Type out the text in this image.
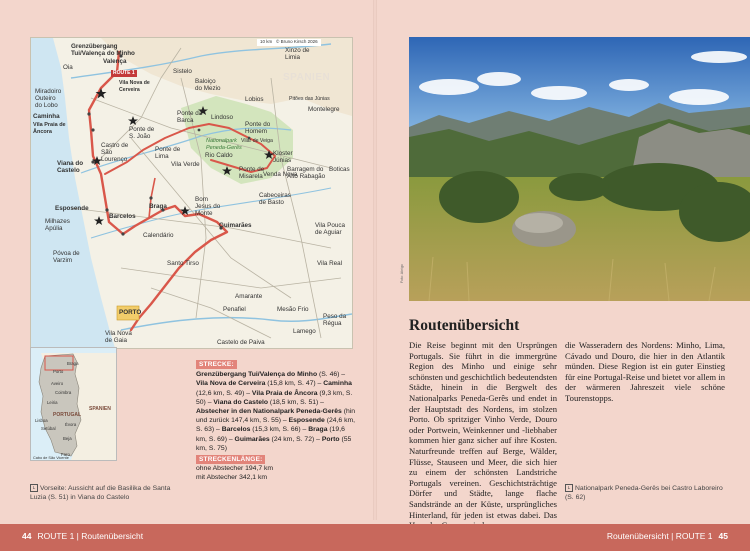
10 km © Bruno Kirsch 2026
SPANIEN
ROUTE 1
Nationalpark
Peneda-Gerês
Grenzübergang
Tui/Valença do Minho
Valença
Oia
Sistelo
Xinzo de
Limia
Montelegre
Vila Nova de
Cerveira
Miradoiro
Outeiro
do Lobo
Caminha
Vila Praia de
Âncora	Ponte de
S. João
Baloiço
do Mezio
Lobios
Ponte da
Barca	Lindoso
Pitões das Júnias
Ponte do
Homem
Kloster
Júnias
Viana do
Castelo
Castro de
São
Lourenço
Ponte de
Lima
Vilar de Veiga
Rio Caldo
Ponte de
Misarela
Barragem do
Alto Rabagão
Vila Verde
Venda Nova
Boticas
Esposende	Braga
Bom
Jesus do
Monte
Cabeceiras
de Basto
Milhazes
Apúlia
Barcelos
Calendário
Guimarães	Vila Pouca
de Aguiar
Póvoa de
Varzim	Santo Tirso	Vila Real
Amarante
PORTO	Penafiel	Mesão Frio
Peso da
Régua
Lamego
Vila Nova
de Gaia	Castelo de Paiva
PORTUGAL
SPANIEN
Porto
Braga
Aveiro
Coimbra
Leiria
Lisboa
Setúbal
Évora
Beja
Faro
Cabo de São Vicente
L Vorseite: Aussicht auf die Basilika de Santa Luzia (S. 51) in Viana do Castelo
STRECKE:
Grenzübergang Tui/Valença do Minho (S. 46) – Vila Nova de Cerveira (15,8 km, S. 47) – Caminha (12,6 km, S. 49) – Vila Praia de Âncora (9,3 km, S. 50) – Viana do Castelo (18,5 km, S. 51) – Abstecher in den Nationalpark Peneda-Gerês (hin und zurück 147,4 km, S. 55) – Esposende (24,6 km, S. 63) – Barcelos (15,3 km, S. 66) – Braga (19,6 km, S. 69) – Guimarães (24 km, S. 72) – Porto (55 km, S. 75)
STRECKENLÄNGE:
ohne Abstecher 194,7 km
mit Abstecher 342,1 km
Foto: Abrigo
Routenübersicht
Die Reise beginnt mit den Ursprüngen Portugals. Sie führt in die immergrüne Region des Minho und einige sehr schönsten und geschichtlich bedeutendsten Städte, hinein in die Bergwelt des Nationalparks Peneda-Gerês und endet in der Hauptstadt des Nordens, im stolzen Porto. Ob spritziger Vinho Verde, Douro oder Portwein, Weinkenner und -liebhaber kommen hier ganz sicher auf ihre Kosten. Naturfreunde treffen auf Berge, Wälder, Flüsse, Stauseen und Meer, die sich hier zu einem der schönsten Landstriche Portugals vereinen. Geschichtsträchtige Dörfer und Städte, lange flache Sandstrände an der Küste, ursprüngliches Hinterland, für jeden ist etwas dabei. Das
die Wasseradern des Nordens: Minho, Lima, Cávado und Douro, die hier in den Atlantik münden. Diese Region ist ein guter Einstieg für eine Portugal-Reise und bietet vor allem in der wärmeren Jahreszeit viele schöne Tourenstopps.
L Nationalpark Peneda-Gerês bei Castro Laboreiro (S. 62)
44 ROUTE 1 | Routenübersicht	Routenübersicht | ROUTE 1 45
